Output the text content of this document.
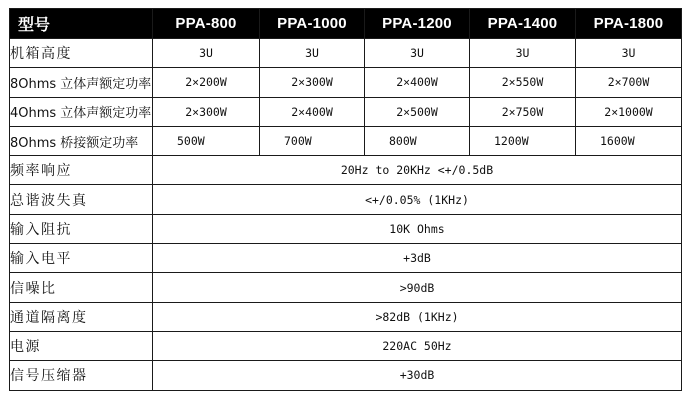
型号	PPA-800	PPA-1000	PPA-1200	PPA-1400	PPA-1800
机箱高度	3U	3U	3U	3U	3U
8Ohms 立体声额定功率	2×200W	2×300W	2×400W	2×550W	2×700W
4Ohms 立体声额定功率	2×300W	2×400W	2×500W	2×750W	2×1000W
8Ohms 桥接额定功率	500W	700W	800W	1200W	1600W
频率响应	20Hz to 20KHz <+/0.5dB				
总谐波失真	<+/0.05% (1KHz)				
输入阻抗	10K Ohms				
输入电平	+3dB				
信噪比	>90dB				
通道隔离度	>82dB (1KHz)				
电源	220AC 50Hz				
信号压缩器	+30dB				
